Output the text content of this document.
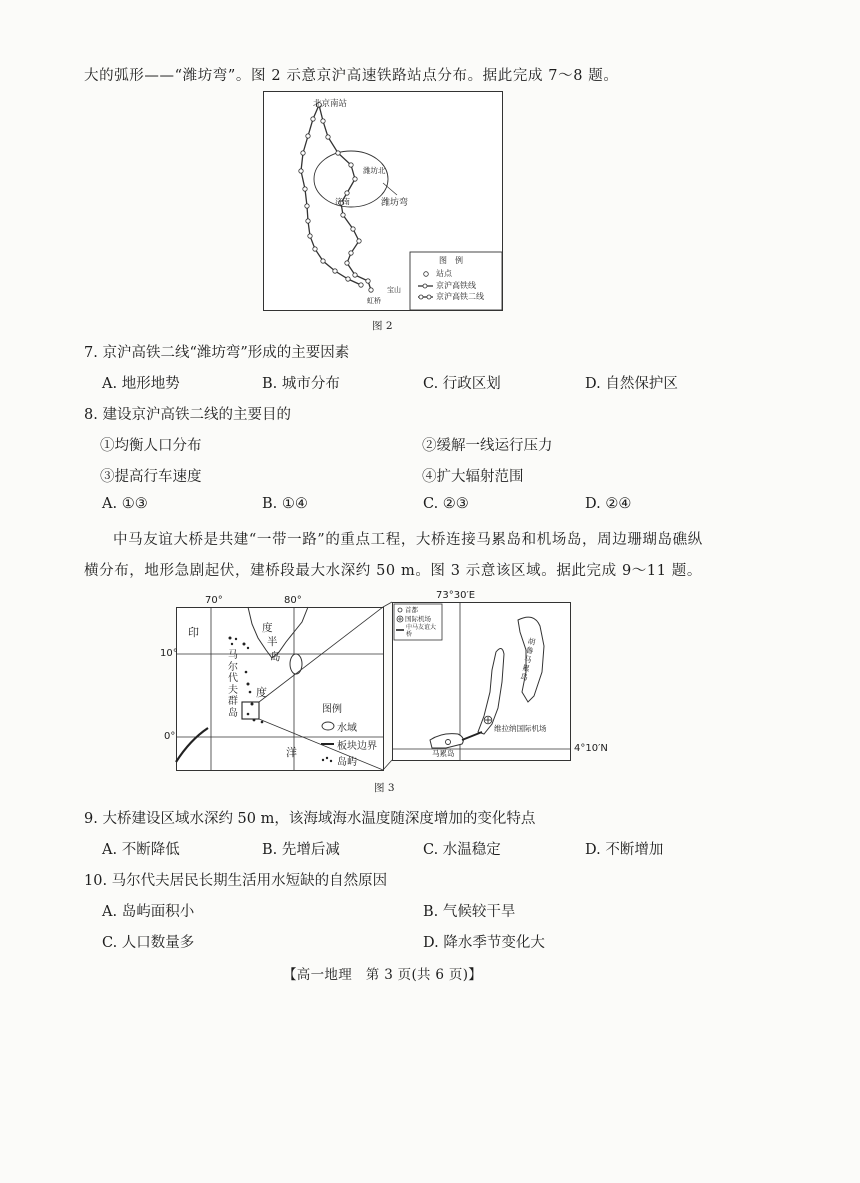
大的弧形——“潍坊弯”。图 2 示意京沪高速铁路站点分布。据此完成 7～8 题。
北京南站
潍坊北
潍坊弯
济南
宝山
虹桥
图　例
站点
京沪高铁线
京沪高铁二线
图 2
7. 京沪高铁二线“潍坊弯”形成的主要因素
A. 地形地势	B. 城市分布	C. 行政区划	D. 自然保护区
8. 建设京沪高铁二线的主要目的
①均衡人口分布	②缓解一线运行压力
③提高行车速度	④扩大辐射范围
A. ①③	B. ①④	C. ②③	D. ②④
中马友谊大桥是共建“一带一路”的重点工程，大桥连接马累岛和机场岛，周边珊瑚岛礁纵
横分布，地形急剧起伏，建桥段最大水深约 50 m。图 3 示意该区域。据此完成 9～11 题。
70°	80°
10°
0°
印	度
半
岛
马
尔
代
夫
群
岛
度
洋
图例
水域
板块边界
岛屿
73°30′E
4°10′N
首都
国际机场
中马友谊大桥
胡鲁马累岛
维拉纳国际机场
马累岛
图 3
9. 大桥建设区域水深约 50 m，该海域海水温度随深度增加的变化特点
A. 不断降低	B. 先增后减	C. 水温稳定	D. 不断增加
10. 马尔代夫居民长期生活用水短缺的自然原因
A. 岛屿面积小	B. 气候较干旱
C. 人口数量多	D. 降水季节变化大
【高一地理　第 3 页(共 6 页)】
